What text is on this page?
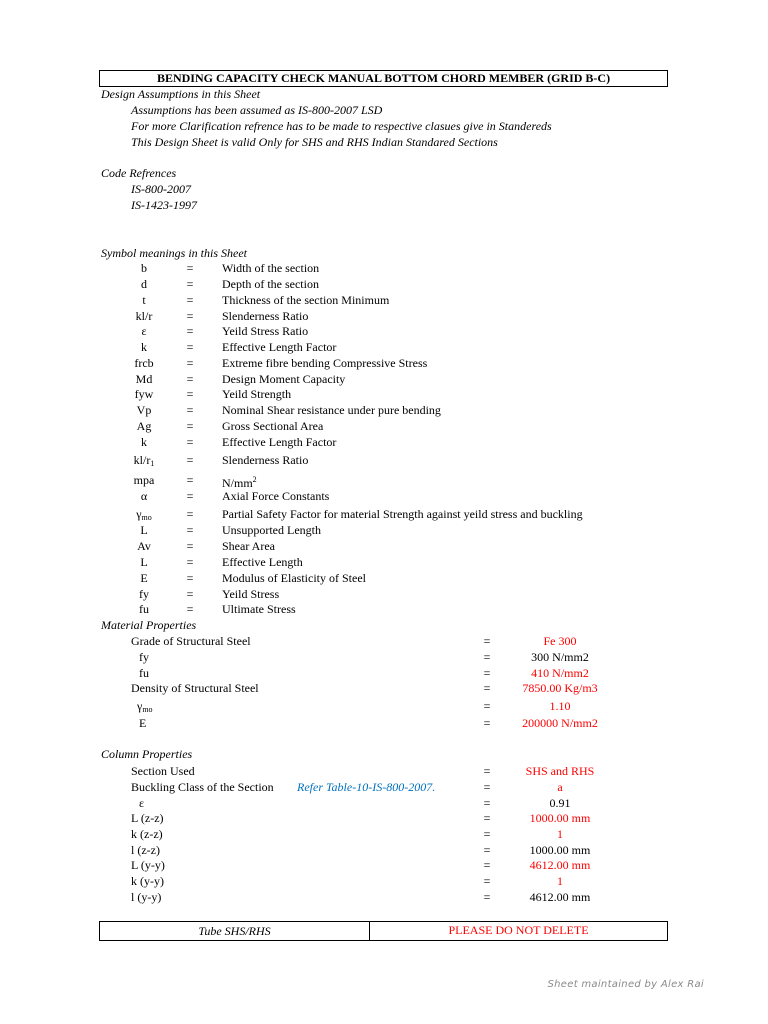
BENDING CAPACITY CHECK MANUAL BOTTOM CHORD MEMBER (GRID B-C)
Design Assumptions in this Sheet
Assumptions has been assumed as IS-800-2007 LSD
For more Clarification refrence has to be made to respective clasues give in Standereds
This Design Sheet is valid Only for SHS and RHS Indian Standared Sections
Code Refrences
IS-800-2007
IS-1423-1997
Symbol meanings in this Sheet
b	=	Width of the section
d	=	Depth of the section
t	=	Thickness of the section Minimum
kl/r	=	Slenderness Ratio
ε	=	Yeild Stress Ratio
k	=	Effective Length Factor
frcb	=	Extreme fibre bending Compressive Stress
Md	=	Design Moment Capacity
fyw	=	Yeild Strength
Vp	=	Nominal Shear resistance under pure bending
Ag	=	Gross Sectional Area
k	=	Effective Length Factor
$kl/r_1$	=	Slenderness Ratio
mpa	=	$N/mm^2$
α	=	Axial Force Constants
$\gamma_{mo}$	=	Partial Safety Factor for material Strength against yeild stress and buckling
L	=	Unsupported Length
Av	=	Shear Area
L	=	Effective Length
E	=	Modulus of Elasticity of Steel
fy	=	Yeild Stress
fu	=	Ultimate Stress
Material Properties
Grade of Structural Steel	=	Fe 300
fy	=	300 N/mm2
fu	=	410 N/mm2
Density of Structural Steel	=	7850.00 Kg/m3
$\gamma_{mo}$	=	1.10
E	=	200000 N/mm2
Column Properties
Refer Table-10-IS-800-2007.
Section Used	=	SHS and RHS
Buckling Class of the Section	=	a
ε	=	0.91
L (z-z)	=	1000.00 mm
k (z-z)	=	1
l (z-z)	=	1000.00 mm
L (y-y)	=	4612.00 mm
k (y-y)	=	1
l (y-y)	=	4612.00 mm
Tube SHS/RHS	PLEASE DO NOT DELETE
Sheet maintained by Alex Rai
